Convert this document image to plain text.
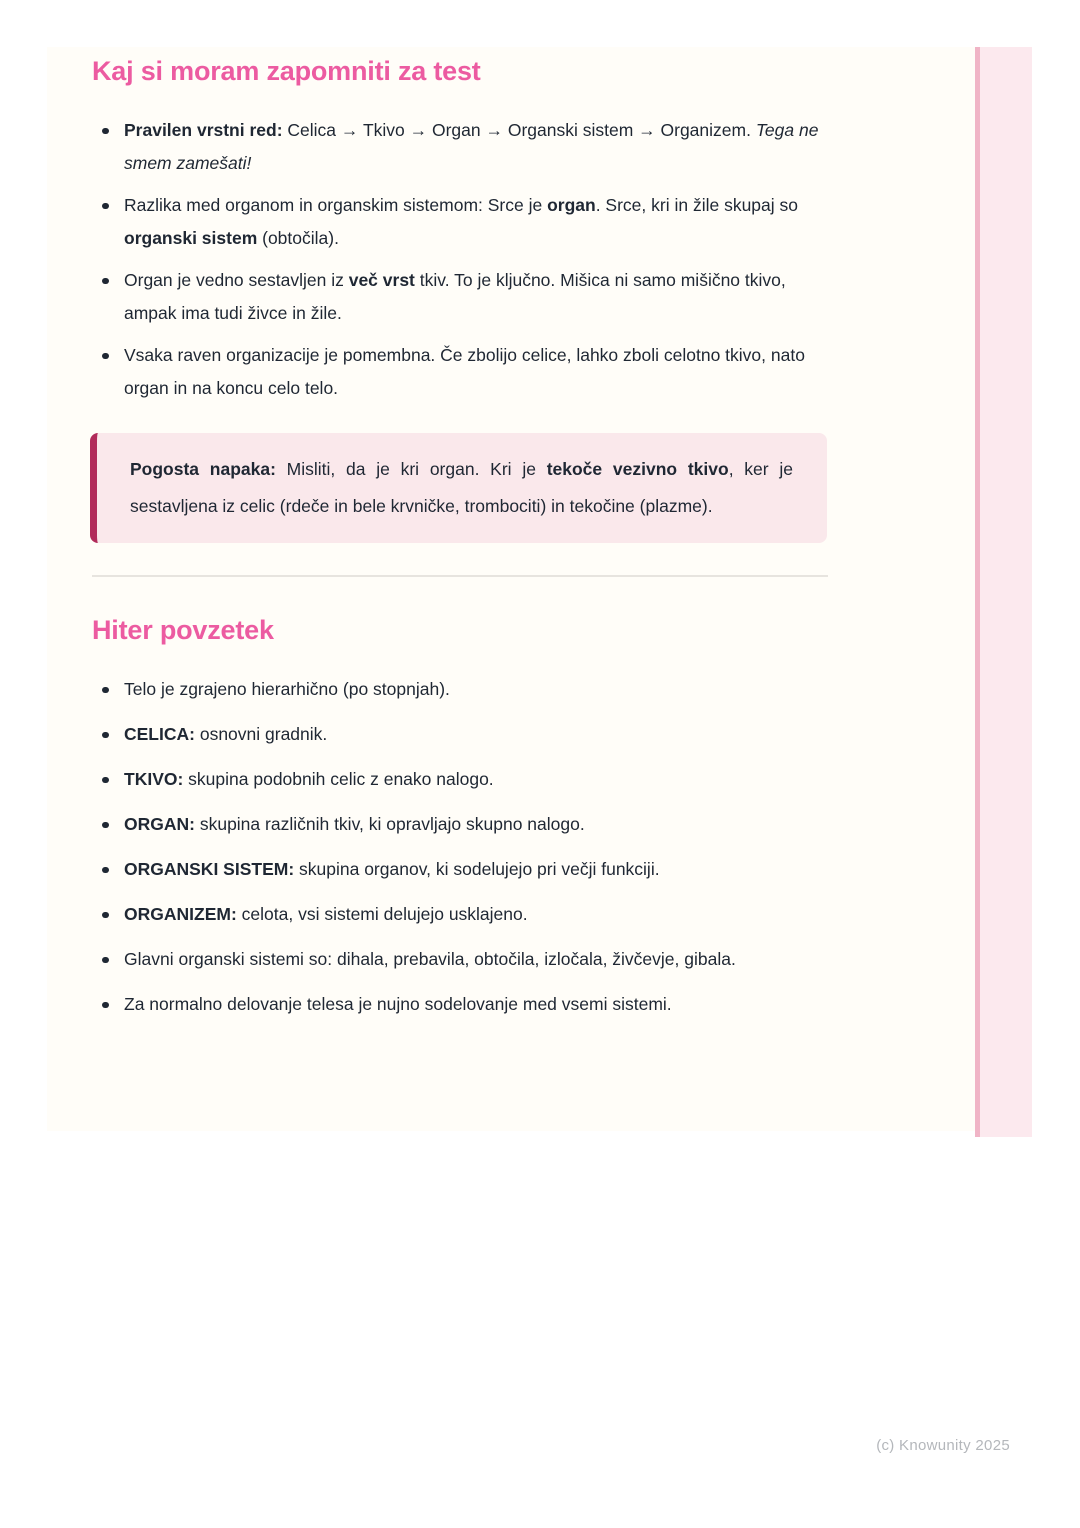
Kaj si moram zapomniti za test
Pravilen vrstni red: Celica → Tkivo → Organ → Organski sistem → Organizem. Tega ne smem zamešati!
Razlika med organom in organskim sistemom: Srce je organ. Srce, kri in žile skupaj so organski sistem (obtočila).
Organ je vedno sestavljen iz več vrst tkiv. To je ključno. Mišica ni samo mišično tkivo, ampak ima tudi živce in žile.
Vsaka raven organizacije je pomembna. Če zbolijo celice, lahko zboli celotno tkivo, nato organ in na koncu celo telo.
Pogosta napaka: Misliti, da je kri organ. Kri je tekoče vezivno tkivo, ker je sestavljena iz celic (rdeče in bele krvničke, trombociti) in tekočine (plazme).
Hiter povzetek
Telo je zgrajeno hierarhično (po stopnjah).
CELICA: osnovni gradnik.
TKIVO: skupina podobnih celic z enako nalogo.
ORGAN: skupina različnih tkiv, ki opravljajo skupno nalogo.
ORGANSKI SISTEM: skupina organov, ki sodelujejo pri večji funkciji.
ORGANIZEM: celota, vsi sistemi delujejo usklajeno.
Glavni organski sistemi so: dihala, prebavila, obtočila, izločala, živčevje, gibala.
Za normalno delovanje telesa je nujno sodelovanje med vsemi sistemi.
(c) Knowunity 2025
